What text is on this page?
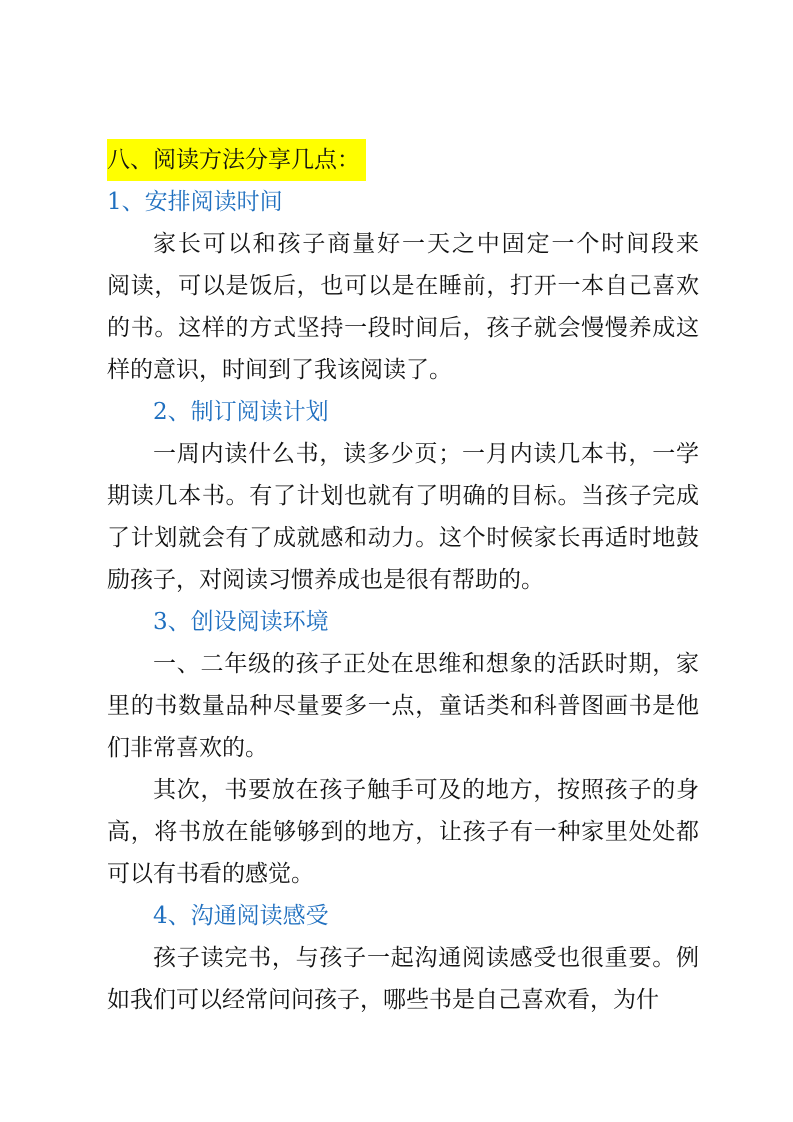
八、阅读方法分享几点：
1、安排阅读时间
家长可以和孩子商量好一天之中固定一个时间段来
阅读，可以是饭后，也可以是在睡前，打开一本自己喜欢
的书。这样的方式坚持一段时间后，孩子就会慢慢养成这
样的意识，时间到了我该阅读了。
2、制订阅读计划
一周内读什么书，读多少页；一月内读几本书，一学
期读几本书。有了计划也就有了明确的目标。当孩子完成
了计划就会有了成就感和动力。这个时候家长再适时地鼓
励孩子，对阅读习惯养成也是很有帮助的。
3、创设阅读环境
一、二年级的孩子正处在思维和想象的活跃时期，家
里的书数量品种尽量要多一点，童话类和科普图画书是他
们非常喜欢的。
其次，书要放在孩子触手可及的地方，按照孩子的身
高，将书放在能够够到的地方，让孩子有一种家里处处都
可以有书看的感觉。
4、沟通阅读感受
孩子读完书，与孩子一起沟通阅读感受也很重要。例
如我们可以经常问问孩子，哪些书是自己喜欢看，为什
